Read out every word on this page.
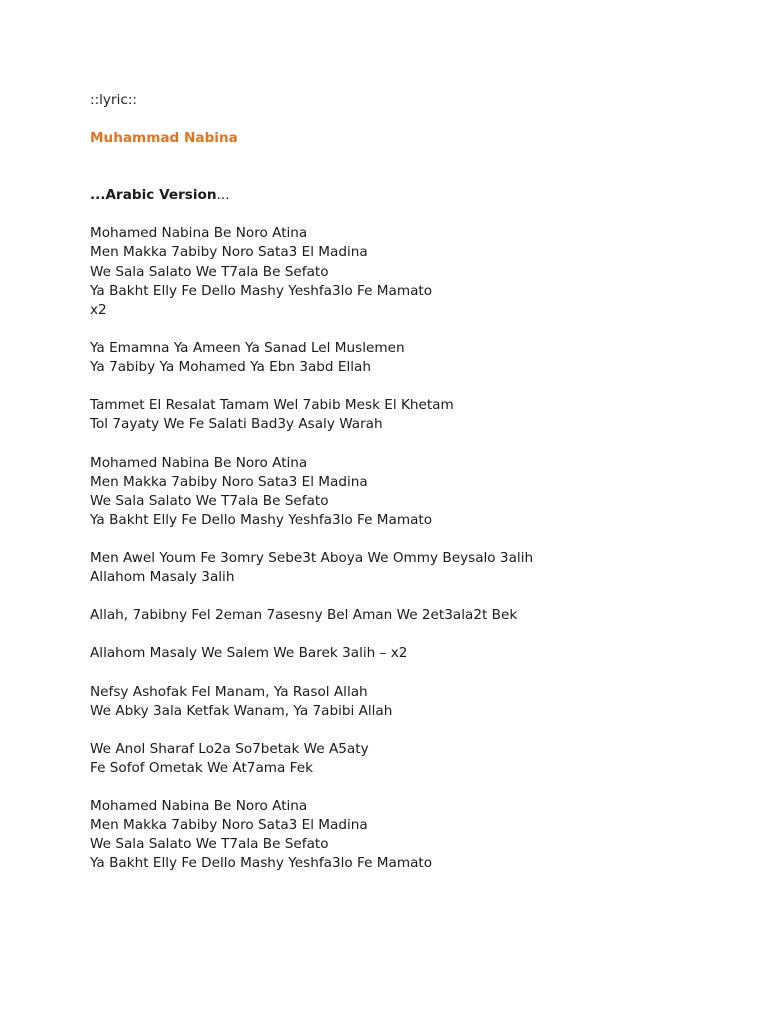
::lyric::
Muhammad Nabina
...Arabic Version...
Mohamed Nabina Be Noro Atina
Men Makka 7abiby Noro Sata3 El Madina
We Sala Salato We T7ala Be Sefato
Ya Bakht Elly Fe Dello Mashy Yeshfa3lo Fe Mamato
x2
Ya Emamna Ya Ameen Ya Sanad Lel Muslemen
Ya 7abiby Ya Mohamed Ya Ebn 3abd Ellah
Tammet El Resalat Tamam Wel 7abib Mesk El Khetam
Tol 7ayaty We Fe Salati Bad3y Asaly Warah
Mohamed Nabina Be Noro Atina
Men Makka 7abiby Noro Sata3 El Madina
We Sala Salato We T7ala Be Sefato
Ya Bakht Elly Fe Dello Mashy Yeshfa3lo Fe Mamato
Men Awel Youm Fe 3omry Sebe3t Aboya We Ommy Beysalo 3alih
Allahom Masaly 3alih
Allah, 7abibny Fel 2eman 7asesny Bel Aman We 2et3ala2t Bek
Allahom Masaly We Salem We Barek 3alih – x2
Nefsy Ashofak Fel Manam, Ya Rasol Allah
We Abky 3ala Ketfak Wanam, Ya 7abibi Allah
We Anol Sharaf Lo2a So7betak We A5aty
Fe Sofof Ometak We At7ama Fek
Mohamed Nabina Be Noro Atina
Men Makka 7abiby Noro Sata3 El Madina
We Sala Salato We T7ala Be Sefato
Ya Bakht Elly Fe Dello Mashy Yeshfa3lo Fe Mamato
